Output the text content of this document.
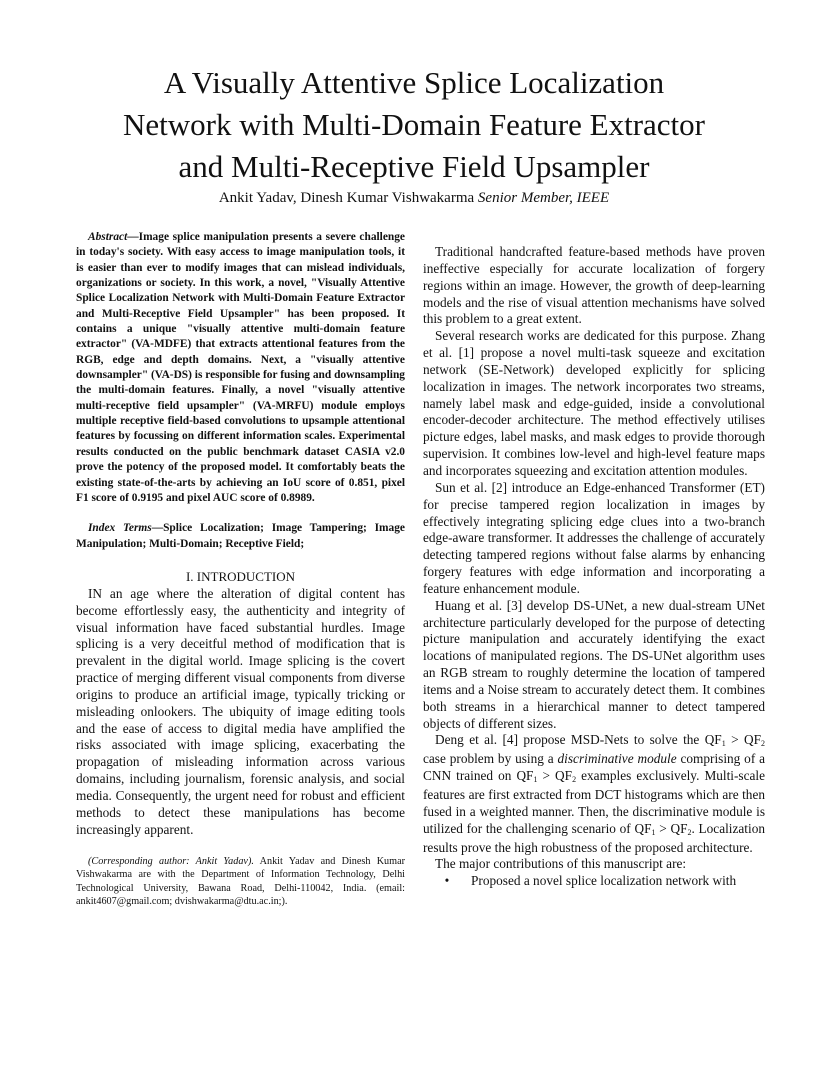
A Visually Attentive Splice Localization
Network with Multi-Domain Feature Extractor
and Multi-Receptive Field Upsampler
Ankit Yadav, Dinesh Kumar Vishwakarma Senior Member, IEEE

Abstract—Image splice manipulation presents a severe challenge in today's society. With easy access to image manipulation tools, it is easier than ever to modify images that can mislead individuals, organizations or society. In this work, a novel, "Visually Attentive Splice Localization Network with Multi-Domain Feature Extractor and Multi-Receptive Field Upsampler" has been proposed. It contains a unique "visually attentive multi-domain feature extractor" (VA-MDFE) that extracts attentional features from the RGB, edge and depth domains. Next, a "visually attentive downsampler" (VA-DS) is responsible for fusing and downsampling the multi-domain features. Finally, a novel "visually attentive multi-receptive field upsampler" (VA-MRFU) module employs multiple receptive field-based convolutions to upsample attentional features by focussing on different information scales. Experimental results conducted on the public benchmark dataset CASIA v2.0 prove the potency of the proposed model. It comfortably beats the existing state-of-the-arts by achieving an IoU score of 0.851, pixel F1 score of 0.9195 and pixel AUC score of 0.8989.

Index Terms—Splice Localization; Image Tampering; Image Manipulation; Multi-Domain; Receptive Field;

I. INTRODUCTION

IN an age where the alteration of digital content has become effortlessly easy, the authenticity and integrity of visual information have faced substantial hurdles. Image splicing is a very deceitful method of modification that is prevalent in the digital world. Image splicing is the covert practice of merging different visual components from diverse origins to produce an artificial image, typically tricking or misleading onlookers. The ubiquity of image editing tools and the ease of access to digital media have amplified the risks associated with image splicing, exacerbating the propagation of misleading information across various domains, including journalism, forensic analysis, and social media. Consequently, the urgent need for robust and efficient methods to detect these manipulations has become increasingly apparent.

(Corresponding author: Ankit Yadav). Ankit Yadav and Dinesh Kumar Vishwakarma are with the Department of Information Technology, Delhi Technological University, Bawana Road, Delhi-110042, India. (email: ankit4607@gmail.com; dvishwakarma@dtu.ac.in;).

Traditional handcrafted feature-based methods have proven ineffective especially for accurate localization of forgery regions within an image. However, the growth of deep-learning models and the rise of visual attention mechanisms have solved this problem to a great extent.

Several research works are dedicated for this purpose. Zhang et al. [1] propose a novel multi-task squeeze and excitation network (SE-Network) developed explicitly for splicing localization in images. The network incorporates two streams, namely label mask and edge-guided, inside a convolutional encoder-decoder architecture. The method effectively utilises picture edges, label masks, and mask edges to provide thorough supervision. It combines low-level and high-level feature maps and incorporates squeezing and excitation attention modules.

Sun et al. [2] introduce an Edge-enhanced Transformer (ET) for precise tampered region localization in images by effectively integrating splicing edge clues into a two-branch edge-aware transformer. It addresses the challenge of accurately detecting tampered regions without false alarms by enhancing forgery features with edge information and incorporating a feature enhancement module.

Huang et al. [3] develop DS-UNet, a new dual-stream UNet architecture particularly developed for the purpose of detecting picture manipulation and accurately identifying the exact locations of manipulated regions. The DS-UNet algorithm uses an RGB stream to roughly determine the location of tampered items and a Noise stream to accurately detect them. It combines both streams in a hierarchical manner to detect tampered objects of different sizes.

Deng et al. [4] propose MSD-Nets to solve the $QF_1 > QF_2$ case problem by using a discriminative module comprising of a CNN trained on $QF_1 > QF_2$ examples exclusively. Multi-scale features are first extracted from DCT histograms which are then fused in a weighted manner. Then, the discriminative module is utilized for the challenging scenario of $QF_1 > QF_2$. Localization results prove the high robustness of the proposed architecture.

The major contributions of this manuscript are:

•	Proposed a novel splice localization network with
